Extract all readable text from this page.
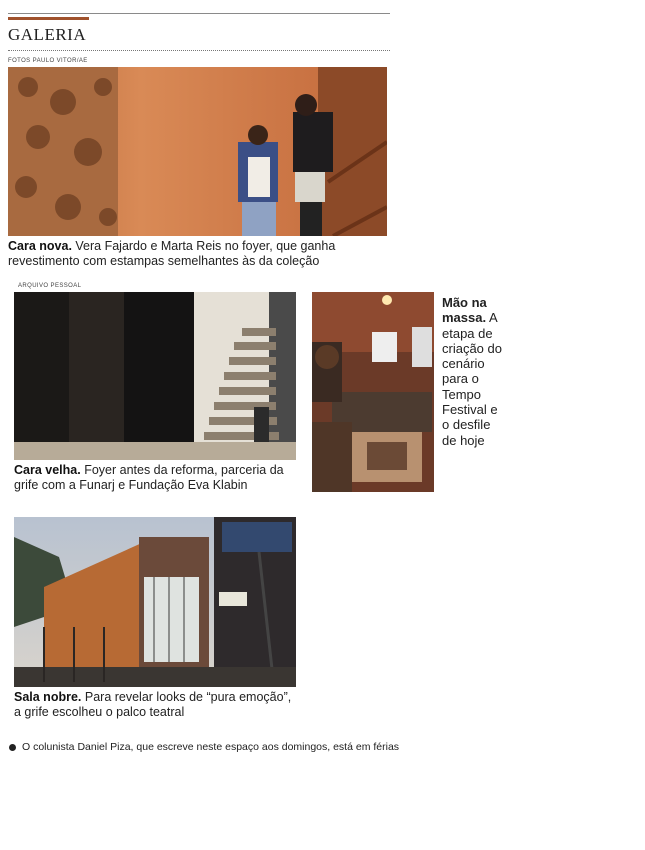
GALERIA
FOTOS PAULO VITOR/AE
Cara nova. Vera Fajardo e Marta Reis no foyer, que ganha revestimento com estampas semelhantes às da coleção
ARQUIVO PESSOAL
Cara velha. Foyer antes da reforma, parceria da grife com a Funarj e Fundação Eva Klabin
Mão na massa. A etapa de criação do cenário para o Tempo Festival e o desfile de hoje
Sala nobre. Para revelar looks de “pura emoção”, a grife escolheu o palco teatral
O colunista Daniel Piza, que escreve neste espaço aos domingos, está em férias
